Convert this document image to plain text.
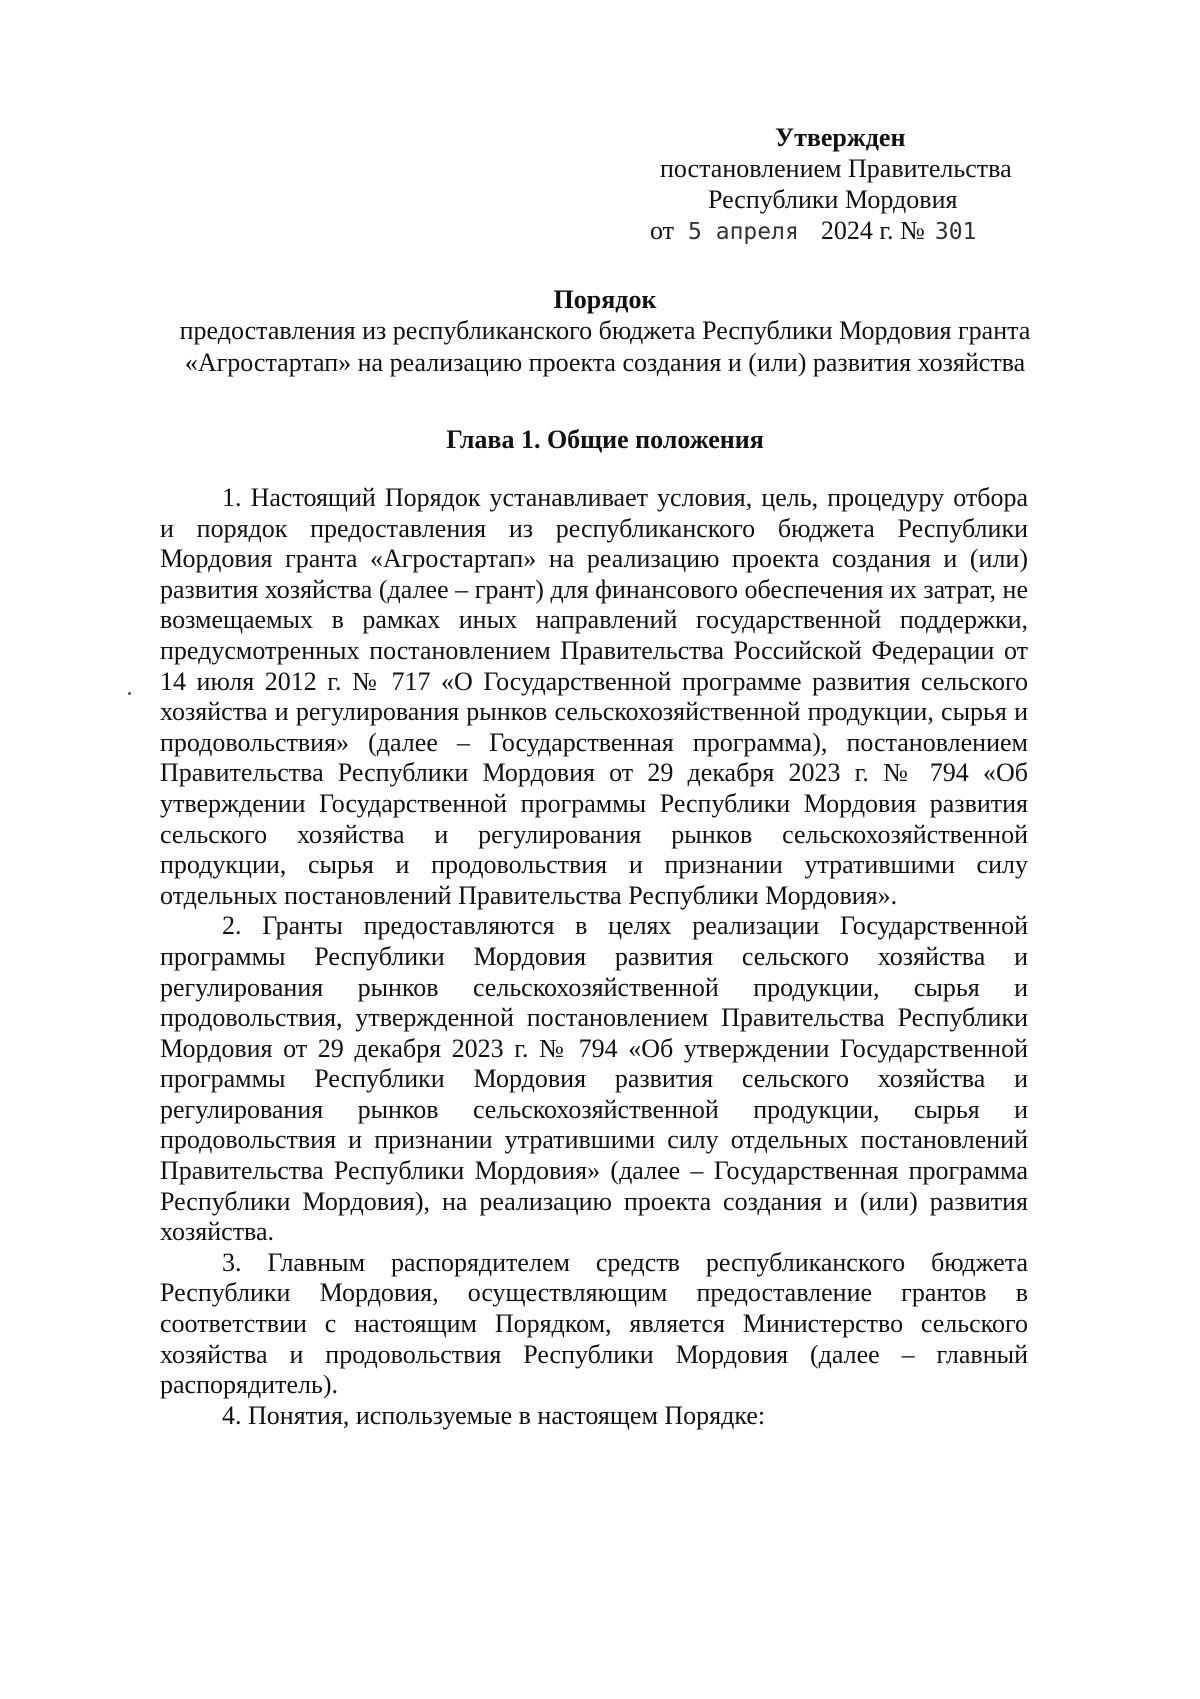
Утвержден

постановлением Правительства

Республики Мордовия

от 5 апреля 2024 г. № 301

Порядок

предоставления из республиканского бюджета Республики Мордовия гранта
«Агростартап» на реализацию проекта создания и (или) развития хозяйства

Глава 1. Общие положения

1. Настоящий Порядок устанавливает условия, цель, процедуру отбора и порядок предоставления из республиканского бюджета Республики Мордовия гранта «Агростартап» на реализацию проекта создания и (или) развития хозяйства (далее – грант) для финансового обеспечения их затрат, не возмещаемых в рамках иных направлений государственной поддержки, предусмотренных постановлением Правительства Российской Федерации от 14 июля 2012 г. № 717 «О Государственной программе развития сельского хозяйства и регулирования рынков сельскохозяйственной продукции, сырья и продовольствия» (далее – Государственная программа), постановлением Правительства Республики Мордовия от 29 декабря 2023 г. № 794 «Об утверждении Государственной программы Республики Мордовия развития сельского хозяйства и регулирования рынков сельскохозяйственной продукции, сырья и продовольствия и признании утратившими силу отдельных постановлений Правительства Республики Мордовия».

2. Гранты предоставляются в целях реализации Государственной программы Республики Мордовия развития сельского хозяйства и регулирования рынков сельскохозяйственной продукции, сырья и продовольствия, утвержденной постановлением Правительства Республики Мордовия от 29 декабря 2023 г. № 794 «Об утверждении Государственной программы Республики Мордовия развития сельского хозяйства и регулирования рынков сельскохозяйственной продукции, сырья и продовольствия и признании утратившими силу отдельных постановлений Правительства Республики Мордовия» (далее – Государственная программа Республики Мордовия), на реализацию проекта создания и (или) развития хозяйства.

3. Главным распорядителем средств республиканского бюджета Республики Мордовия, осуществляющим предоставление грантов в соответствии с настоящим Порядком, является Министерство сельского хозяйства и продовольствия Республики Мордовия (далее – главный распорядитель).

4. Понятия, используемые в настоящем Порядке:
